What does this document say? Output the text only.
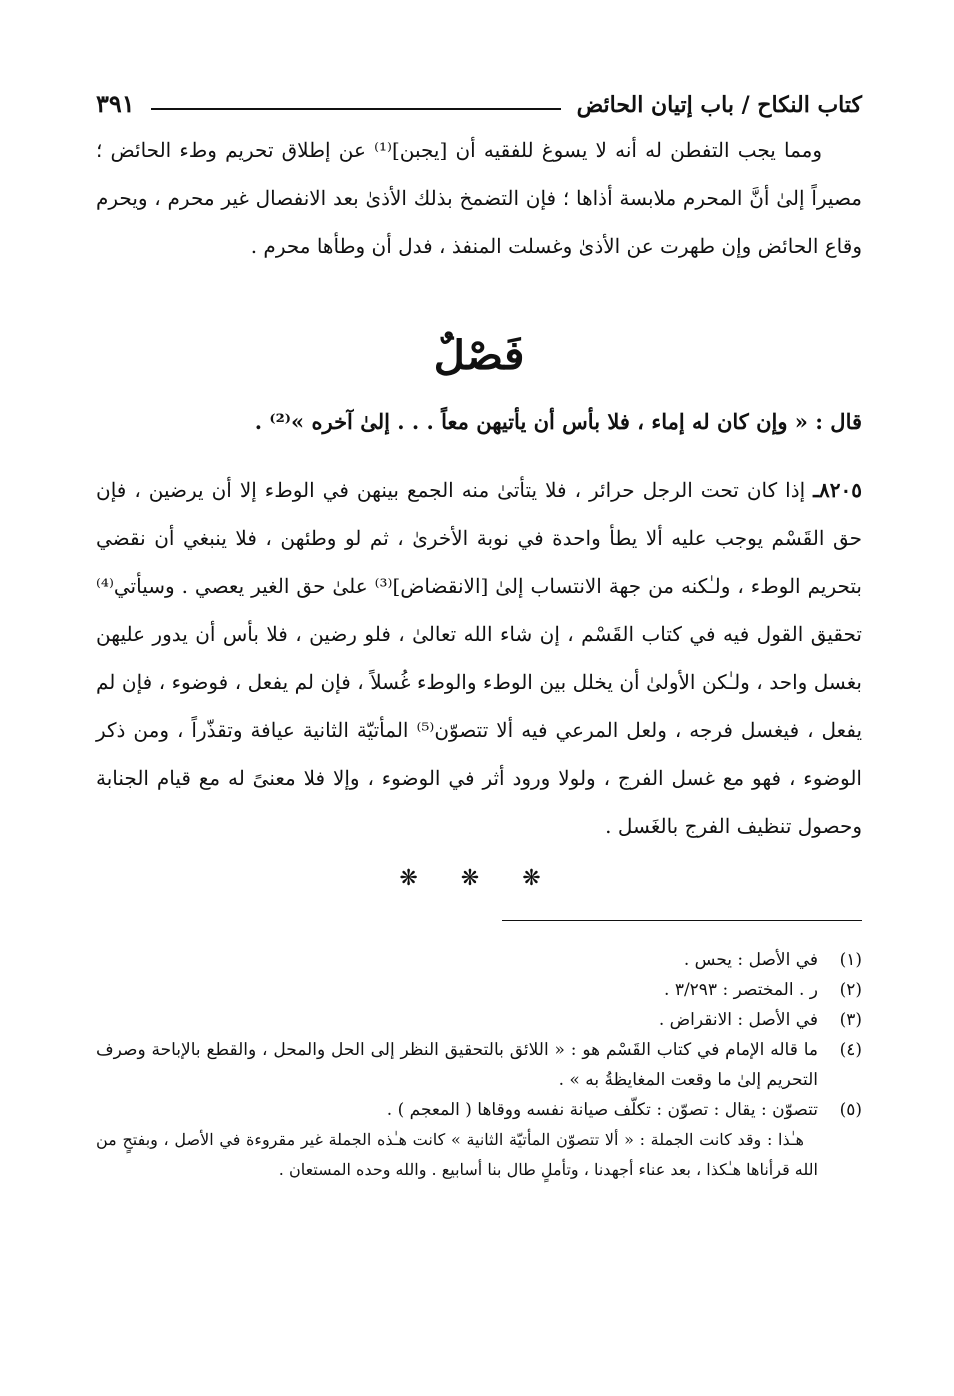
كتاب النكاح / باب إتيان الحائض
٣٩١

ومما يجب التفطن له أنه لا يسوغ للفقيه أن [يجبن]⁽¹⁾ عن إطلاق تحريم وطء الحائض ؛ مصيراً إلىٰ أنَّ المحرم ملابسة أذاها ؛ فإن التضمخ بذلك الأذىٰ بعد الانفصال غير محرم ، ويحرم وقاع الحائض وإن طهرت عن الأذىٰ وغسلت المنفذ ، فدل أن وطأها محرم .

فَصْلٌ

قال : « وإن كان له إماء ، فلا بأس أن يأتيهن معاً . . . إلىٰ آخره »⁽²⁾ .

٨٢٠٥ـ إذا كان تحت الرجل حرائر ، فلا يتأتىٰ منه الجمع بينهن في الوطء إلا أن يرضين ، فإن حق القَسْم يوجب عليه ألا يطأ واحدة في نوبة الأخرىٰ ، ثم لو وطئهن ، فلا ينبغي أن نقضي بتحريم الوطء ، ولـٰكنه من جهة الانتساب إلىٰ [الانقضاض]⁽³⁾ علىٰ حق الغير يعصي . وسيأتي⁽⁴⁾ تحقيق القول فيه في كتاب القَسْم ، إن شاء الله تعالىٰ ، فلو رضين ، فلا بأس أن يدور عليهن بغسل واحد ، ولـٰكن الأولىٰ أن يخلل بين الوطء والوطء غُسلاً ، فإن لم يفعل ، فوضوء ، فإن لم يفعل ، فيغسل فرجه ، ولعل المرعي فيه ألا تتصوّن⁽⁵⁾ المأتيّة الثانية عيافة وتقذّراً ، ومن ذكر الوضوء ، فهو مع غسل الفرج ، ولولا ورود أثر في الوضوء ، وإلا فلا معنىً له مع قيام الجنابة وحصول تنظيف الفرج بالغَسل .

❋ ❋ ❋
(١)
في الأصل : يحس .
(٢)
ر . المختصر : ٣/٢٩٣ .
(٣)
في الأصل : الانقراض .
(٤)
ما قاله الإمام في كتاب القَسْم هو : « اللائق بالتحقيق النظر إلى الحل والمحل ، والقطع بالإباحة وصرف التحريم إلىٰ ما وقعت المغايظةُ به » .
(٥)
تتصوّن : يقال : تصوّن : تكلّف صيانة نفسه ووقاها ( المعجم ) .
هـٰذا : وقد كانت الجملة : « ألا تتصوّن المأتيّة الثانية » كانت هـٰذه الجملة غير مقروءة في الأصل ، وبفتحٍ من الله قرأناها هـٰكذا ، بعد عناء أجهدنا ، وتأملٍ طال بنا أسابيع . والله وحده المستعان .
